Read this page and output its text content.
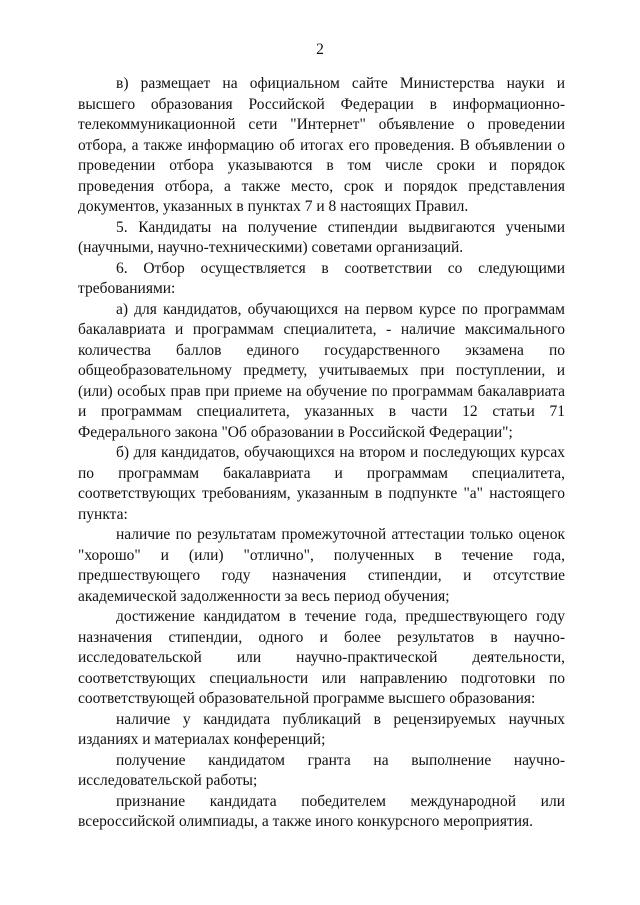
2

в) размещает на официальном сайте Министерства науки и высшего образования Российской Федерации в информационно-телекоммуникационной сети "Интернет" объявление о проведении отбора, а также информацию об итогах его проведения. В объявлении о проведении отбора указываются в том числе сроки и порядок проведения отбора, а также место, срок и порядок представления документов, указанных в пунктах 7 и 8 настоящих Правил.

5. Кандидаты на получение стипендии выдвигаются учеными (научными, научно-техническими) советами организаций.

6. Отбор осуществляется в соответствии со следующими требованиями:

а) для кандидатов, обучающихся на первом курсе по программам бакалавриата и программам специалитета, - наличие максимального количества баллов единого государственного экзамена по общеобразовательному предмету, учитываемых при поступлении, и (или) особых прав при приеме на обучение по программам бакалавриата и программам специалитета, указанных в части 12 статьи 71 Федерального закона "Об образовании в Российской Федерации";

б) для кандидатов, обучающихся на втором и последующих курсах по программам бакалавриата и программам специалитета, соответствующих требованиям, указанным в подпункте "а" настоящего пункта:

наличие по результатам промежуточной аттестации только оценок "хорошо" и (или) "отлично", полученных в течение года, предшествующего году назначения стипендии, и отсутствие академической задолженности за весь период обучения;

достижение кандидатом в течение года, предшествующего году назначения стипендии, одного и более результатов в научно-исследовательской или научно-практической деятельности, соответствующих специальности или направлению подготовки по соответствующей образовательной программе высшего образования:

наличие у кандидата публикаций в рецензируемых научных изданиях и материалах конференций;

получение кандидатом гранта на выполнение научно-исследовательской работы;

признание кандидата победителем международной или всероссийской олимпиады, а также иного конкурсного мероприятия.
